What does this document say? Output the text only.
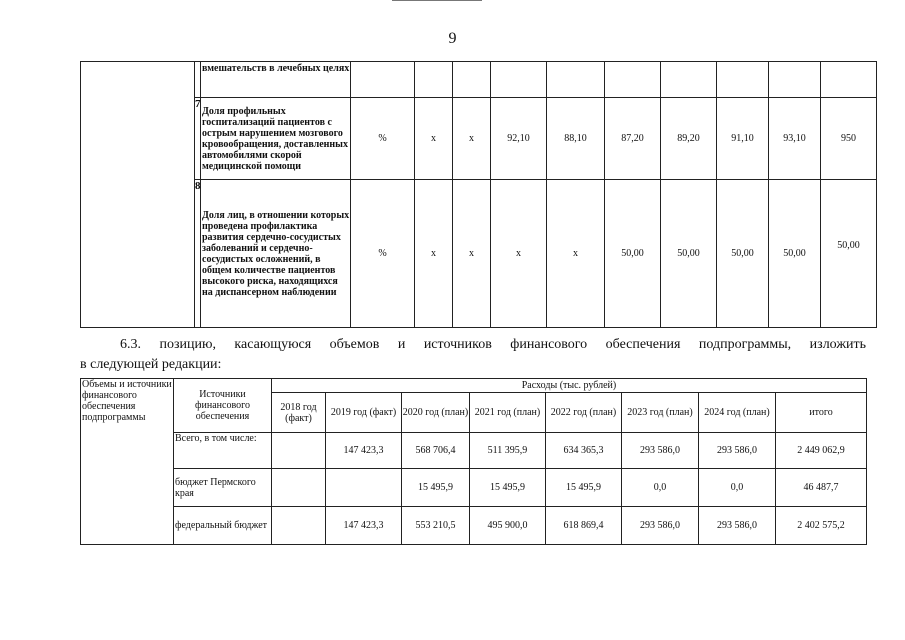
9
		вмешательств в лечебных целях										
	7	Доля профильных госпитализаций пациентов с острым нарушением мозгового кровообращения, доставленных автомобилями скорой медицинской помощи	%	х	х	92,10	88,10	87,20	89,20	91,10	93,10	950
	8	Доля лиц, в отношении которых проведена профилактика развития сердечно-сосудистых заболеваний и сердечно-сосудистых осложнений, в общем количестве пациентов высокого риска, находящихся на диспансерном наблюдении	%	х	х	х	х	50,00	50,00	50,00	50,00	50,00
6.3. позицию, касающуюся объемов и источников финансового обеспечения подпрограммы, изложить
в следующей редакции:
Объемы и источники финансового обеспечения подпрограммы	Источники финансового обеспечения	Расходы (тыс. рублей)							
		2018 год (факт)	2019 год (факт)	2020 год (план)	2021 год (план)	2022 год (план)	2023 год (план)	2024 год (план)	итого
	Всего, в том числе:		147 423,3	568 706,4	511 395,9	634 365,3	293 586,0	293 586,0	2 449 062,9
	бюджет Пермского края			15 495,9	15 495,9	15 495,9	0,0	0,0	46 487,7
	федеральный бюджет		147 423,3	553 210,5	495 900,0	618 869,4	293 586,0	293 586,0	2 402 575,2
